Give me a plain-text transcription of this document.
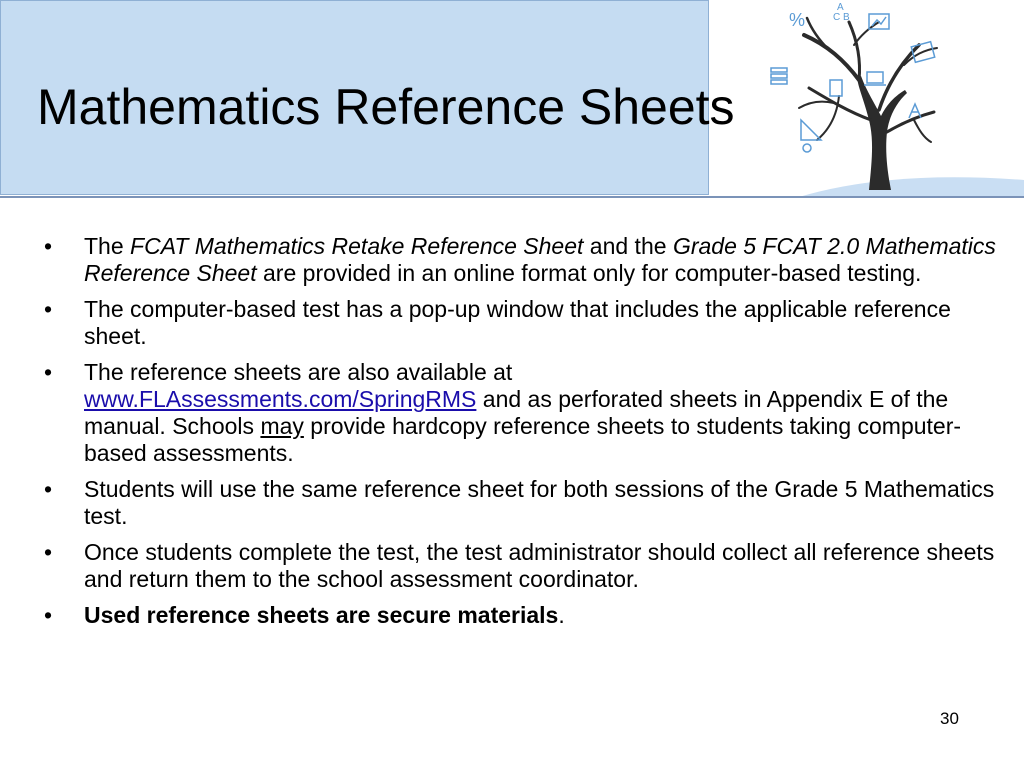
Mathematics Reference Sheets
%
A
C B
•	The FCAT Mathematics Retake Reference Sheet and the Grade 5 FCAT 2.0 Mathematics Reference Sheet are provided in an online format only for computer-based testing.
•	The computer-based test has a pop-up window that includes the applicable reference sheet.
•	The reference sheets are also available at
www.FLAssessments.com/SpringRMS and as perforated sheets in Appendix E of the manual. Schools may provide hardcopy reference sheets to students taking computer-based assessments.
•	Students will use the same reference sheet for both sessions of the Grade 5 Mathematics test.
•	Once students complete the test, the test administrator should collect all reference sheets and return them to the school assessment coordinator.
•	Used reference sheets are secure materials.
30
